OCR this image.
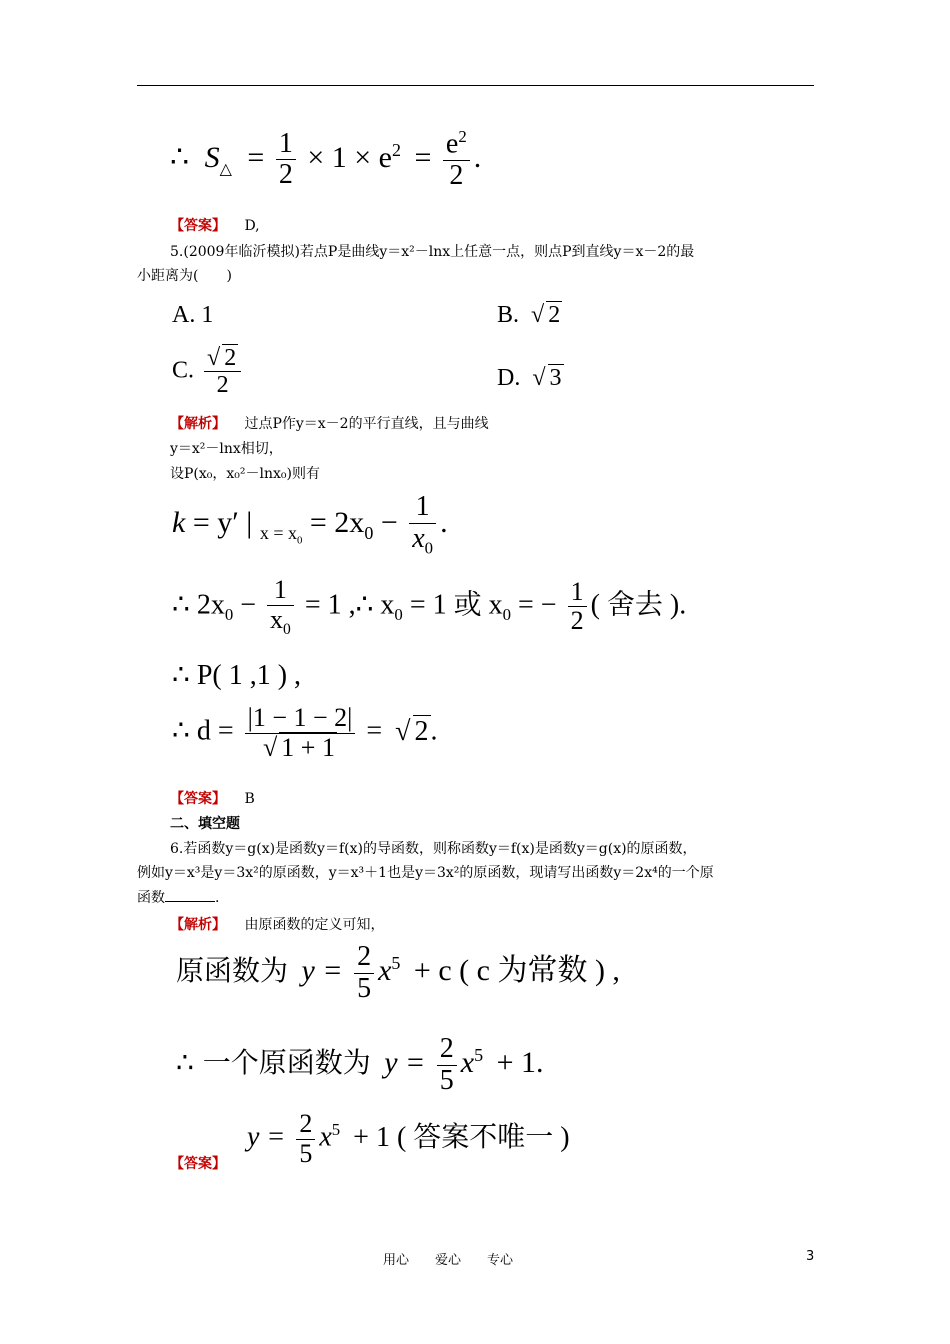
∴ $S_\triangle = \frac{1}{2} \times 1 \times e^2 = \frac{e^2}{2}$ .
【答案】 D,
5.(2009年临沂模拟)若点P是曲线y＝x²－lnx上任意一点，则点P到直线y＝x－2的最
小距离为(　　)
A. 1	B. √ 2
C. $\frac{√ 2}{2}$	D. √ 3
【解析】 过点P作y＝x－2的平行直线，且与曲线
y＝x²－lnx相切，
设P(x₀，x₀²－lnx₀)则有
k = y′ | $_{x = x_0} = 2x_0 - \frac{1}{x_0}$ .
∴ $2x_0 - \frac{1}{x_0} = 1$ ,∴ $x_0 = 1$ 或 $x_0$ = − $\frac{1}{2}$ ( 舍去 ).
∴ P( 1 ,1 ) ,
∴ $d = \frac{|1 - 1 - 2|}{√ 1 + 1}$ = √ 2.
【答案】 B
二、填空题
6.若函数y＝g(x)是函数y＝f(x)的导函数，则称函数y＝f(x)是函数y＝g(x)的原函数，
例如y＝x³是y＝3x²的原函数，y＝x³＋1也是y＝3x²的原函数，现请写出函数y＝2x⁴的一个原
函数	.
【解析】 由原函数的定义可知，
原函数为 $y = \frac{2}{5} x^5 + c$ ( c 为常数 ) ,
∴ 一个原函数为 $y = \frac{2}{5} x^5 + 1$.
【答案】
$y = \frac{2}{5} x^5 + 1$ ( 答案不唯一 )
用心　　爱心　　专心	3
